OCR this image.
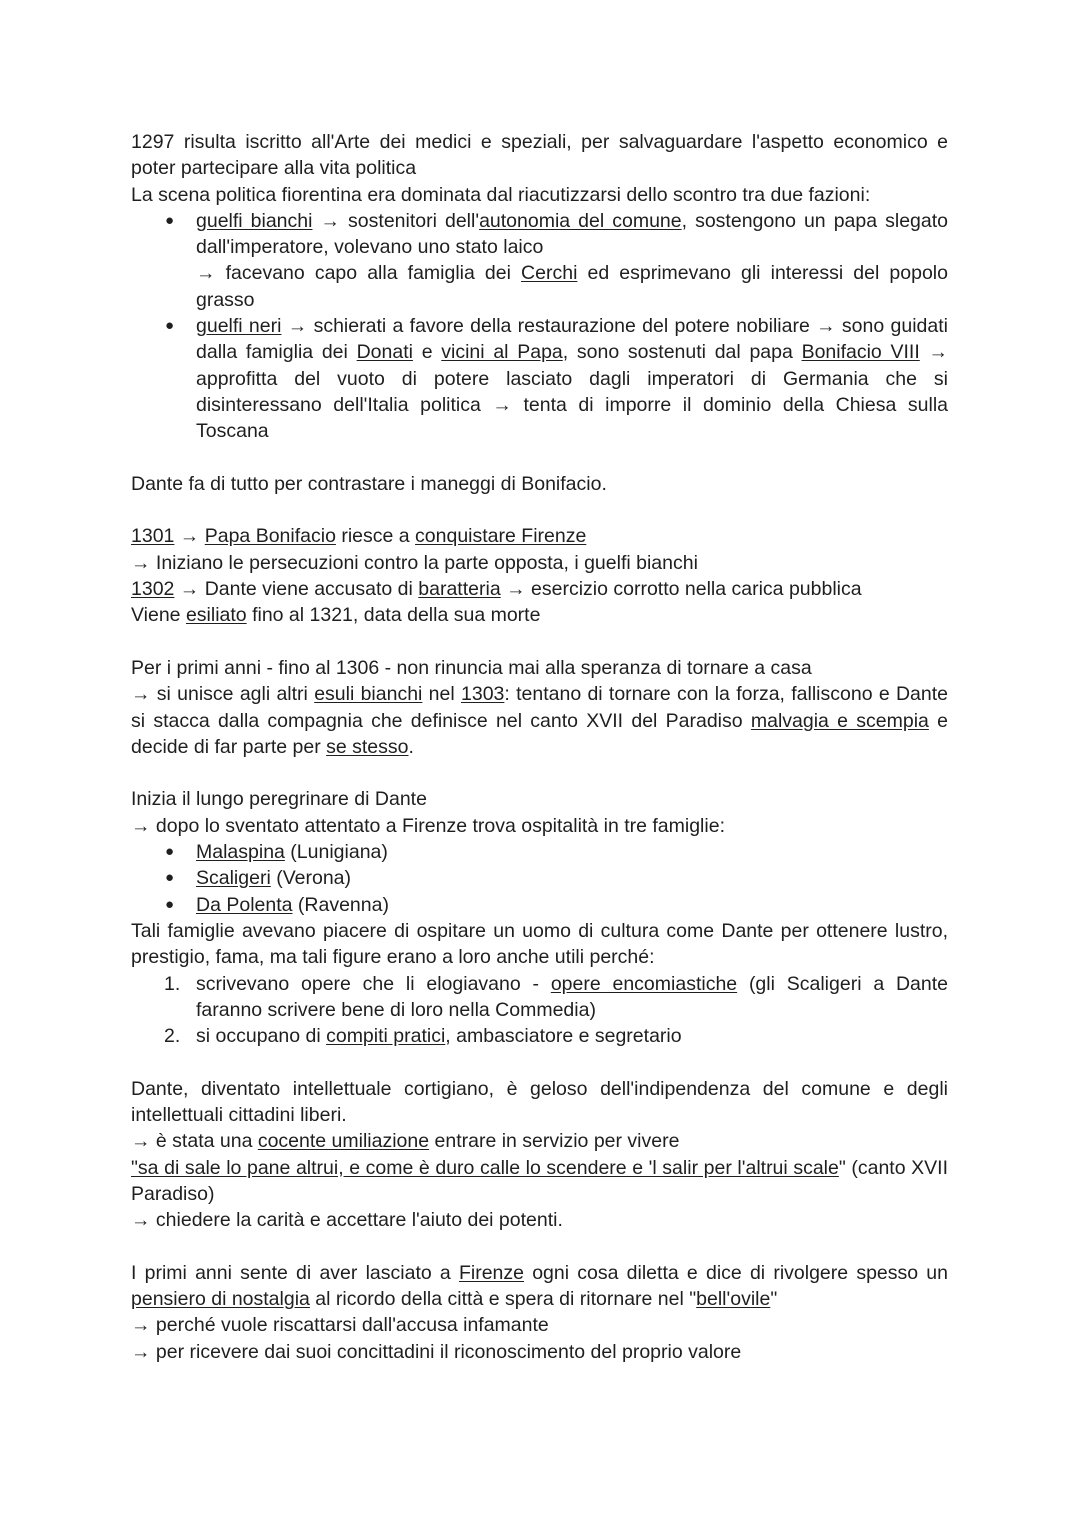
1297 risulta iscritto all'Arte dei medici e speziali, per salvaguardare l'aspetto economico e poter partecipare alla vita politica

La scena politica fiorentina era dominata dal riacutizzarsi dello scontro tra due fazioni:

● guelfi bianchi → sostenitori dell'autonomia del comune, sostengono un papa slegato dall'imperatore, volevano uno stato laico
→ facevano capo alla famiglia dei Cerchi ed esprimevano gli interessi del popolo grasso
● guelfi neri → schierati a favore della restaurazione del potere nobiliare → sono guidati dalla famiglia dei Donati e vicini al Papa, sono sostenuti dal papa Bonifacio VIII → approfitta del vuoto di potere lasciato dagli imperatori di Germania che si disinteressano dell'Italia politica → tenta di imporre il dominio della Chiesa sulla Toscana

Dante fa di tutto per contrastare i maneggi di Bonifacio.

1301 → Papa Bonifacio riesce a conquistare Firenze

→ Iniziano le persecuzioni contro la parte opposta, i guelfi bianchi

1302 → Dante viene accusato di baratteria → esercizio corrotto nella carica pubblica

Viene esiliato fino al 1321, data della sua morte

Per i primi anni - fino al 1306 - non rinuncia mai alla speranza di tornare a casa

→ si unisce agli altri esuli bianchi nel 1303: tentano di tornare con la forza, falliscono e Dante si stacca dalla compagnia che definisce nel canto XVII del Paradiso malvagia e scempia e decide di far parte per se stesso.

Inizia il lungo peregrinare di Dante

→ dopo lo sventato attentato a Firenze trova ospitalità in tre famiglie:

● Malaspina (Lunigiana)
● Scaligeri (Verona)
● Da Polenta (Ravenna)

Tali famiglie avevano piacere di ospitare un uomo di cultura come Dante per ottenere lustro, prestigio, fama, ma tali figure erano a loro anche utili perché:

1. scrivevano opere che li elogiavano - opere encomiastiche (gli Scaligeri a Dante faranno scrivere bene di loro nella Commedia)
2. si occupano di compiti pratici, ambasciatore e segretario

Dante, diventato intellettuale cortigiano, è geloso dell'indipendenza del comune e degli intellettuali cittadini liberi.

→ è stata una cocente umiliazione entrare in servizio per vivere

"sa di sale lo pane altrui, e come è duro calle lo scendere e 'l salir per l'altrui scale" (canto XVII Paradiso)

→ chiedere la carità e accettare l'aiuto dei potenti.

I primi anni sente di aver lasciato a Firenze ogni cosa diletta e dice di rivolgere spesso un pensiero di nostalgia al ricordo della città e spera di ritornare nel "bell'ovile"

→ perché vuole riscattarsi dall'accusa infamante

→ per ricevere dai suoi concittadini il riconoscimento del proprio valore
